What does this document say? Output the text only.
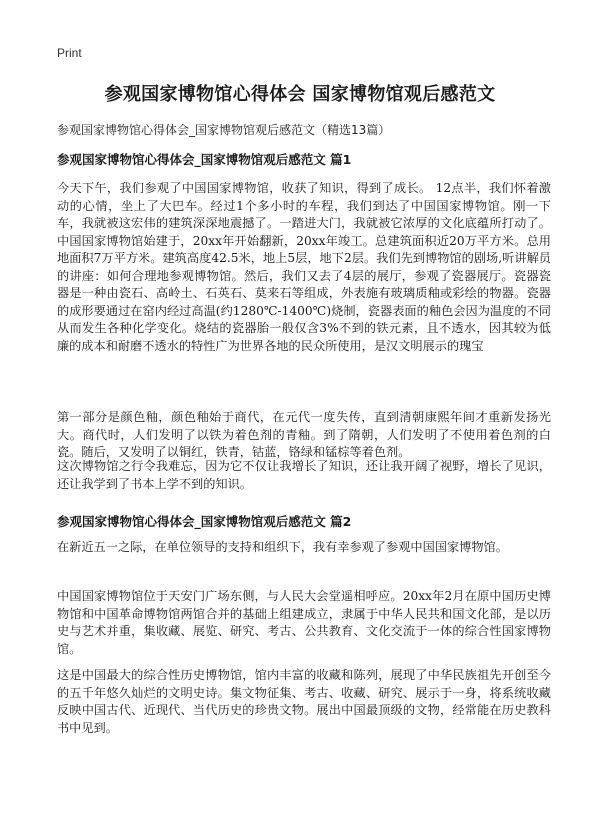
Print
参观国家博物馆心得体会 国家博物馆观后感范文
参观国家博物馆心得体会_国家博物馆观后感范文（精选13篇）
参观国家博物馆心得体会_国家博物馆观后感范文 篇1
今天下午，我们参观了中国国家博物馆，收获了知识，得到了成长。 12点半，我们怀着激动的心情，坐上了大巴车。经过1个多小时的车程，我们到达了中国国家博物馆。刚一下车，我就被这宏伟的建筑深深地震撼了。一踏进大门，我就被它浓厚的文化底蕴所打动了。 中国国家博物馆始建于，20xx年开始翻新，20xx年竣工。总建筑面积近20万平方米。总用地面积7万平方米。建筑高度42.5米，地上5层，地下2层。我们先到博物馆的剧场,听讲解员的讲座：如何合理地参观博物馆。然后，我们又去了4层的展厅，参观了瓷器展厅。瓷器瓷器是一种由瓷石、高岭土、石英石、莫来石等组成，外表施有玻璃质釉或彩绘的物器。瓷器的成形要通过在窑内经过高温(约1280℃-1400℃)烧制，瓷器表面的釉色会因为温度的不同从而发生各种化学变化。烧结的瓷器胎一般仅含3%不到的铁元素，且不透水，因其较为低廉的成本和耐磨不透水的特性广为世界各地的民众所使用，是汉文明展示的瑰宝
第一部分是颜色釉，颜色釉始于商代，在元代一度失传，直到清朝康熙年间才重新发扬光大。商代时，人们发明了以铁为着色剂的青釉。到了隋朝，人们发明了不使用着色剂的白瓷。随后，又发明了以铜红，铁青，钴蓝，铬绿和锰棕等着色剂。
这次博物馆之行令我难忘，因为它不仅让我增长了知识，还让我开阔了视野，增长了见识，还让我学到了书本上学不到的知识。
参观国家博物馆心得体会_国家博物馆观后感范文 篇2
在新近五一之际，在单位领导的支持和组织下，我有幸参观了参观中国国家博物馆。
中国国家博物馆位于天安门广场东侧，与人民大会堂遥相呼应。20xx年2月在原中国历史博物馆和中国革命博物馆两馆合并的基础上组建成立，隶属于中华人民共和国文化部，是以历史与艺术并重，集收藏、展览、研究、考古、公共教育、文化交流于一体的综合性国家博物馆。
这是中国最大的综合性历史博物馆，馆内丰富的收藏和陈列，展现了中华民族祖先开创至今的五千年悠久灿烂的文明史诗。集文物征集、考古、收藏、研究、展示于一身，将系统收藏反映中国古代、近现代、当代历史的珍贵文物。展出中国最顶级的文物，经常能在历史教科书中见到。
